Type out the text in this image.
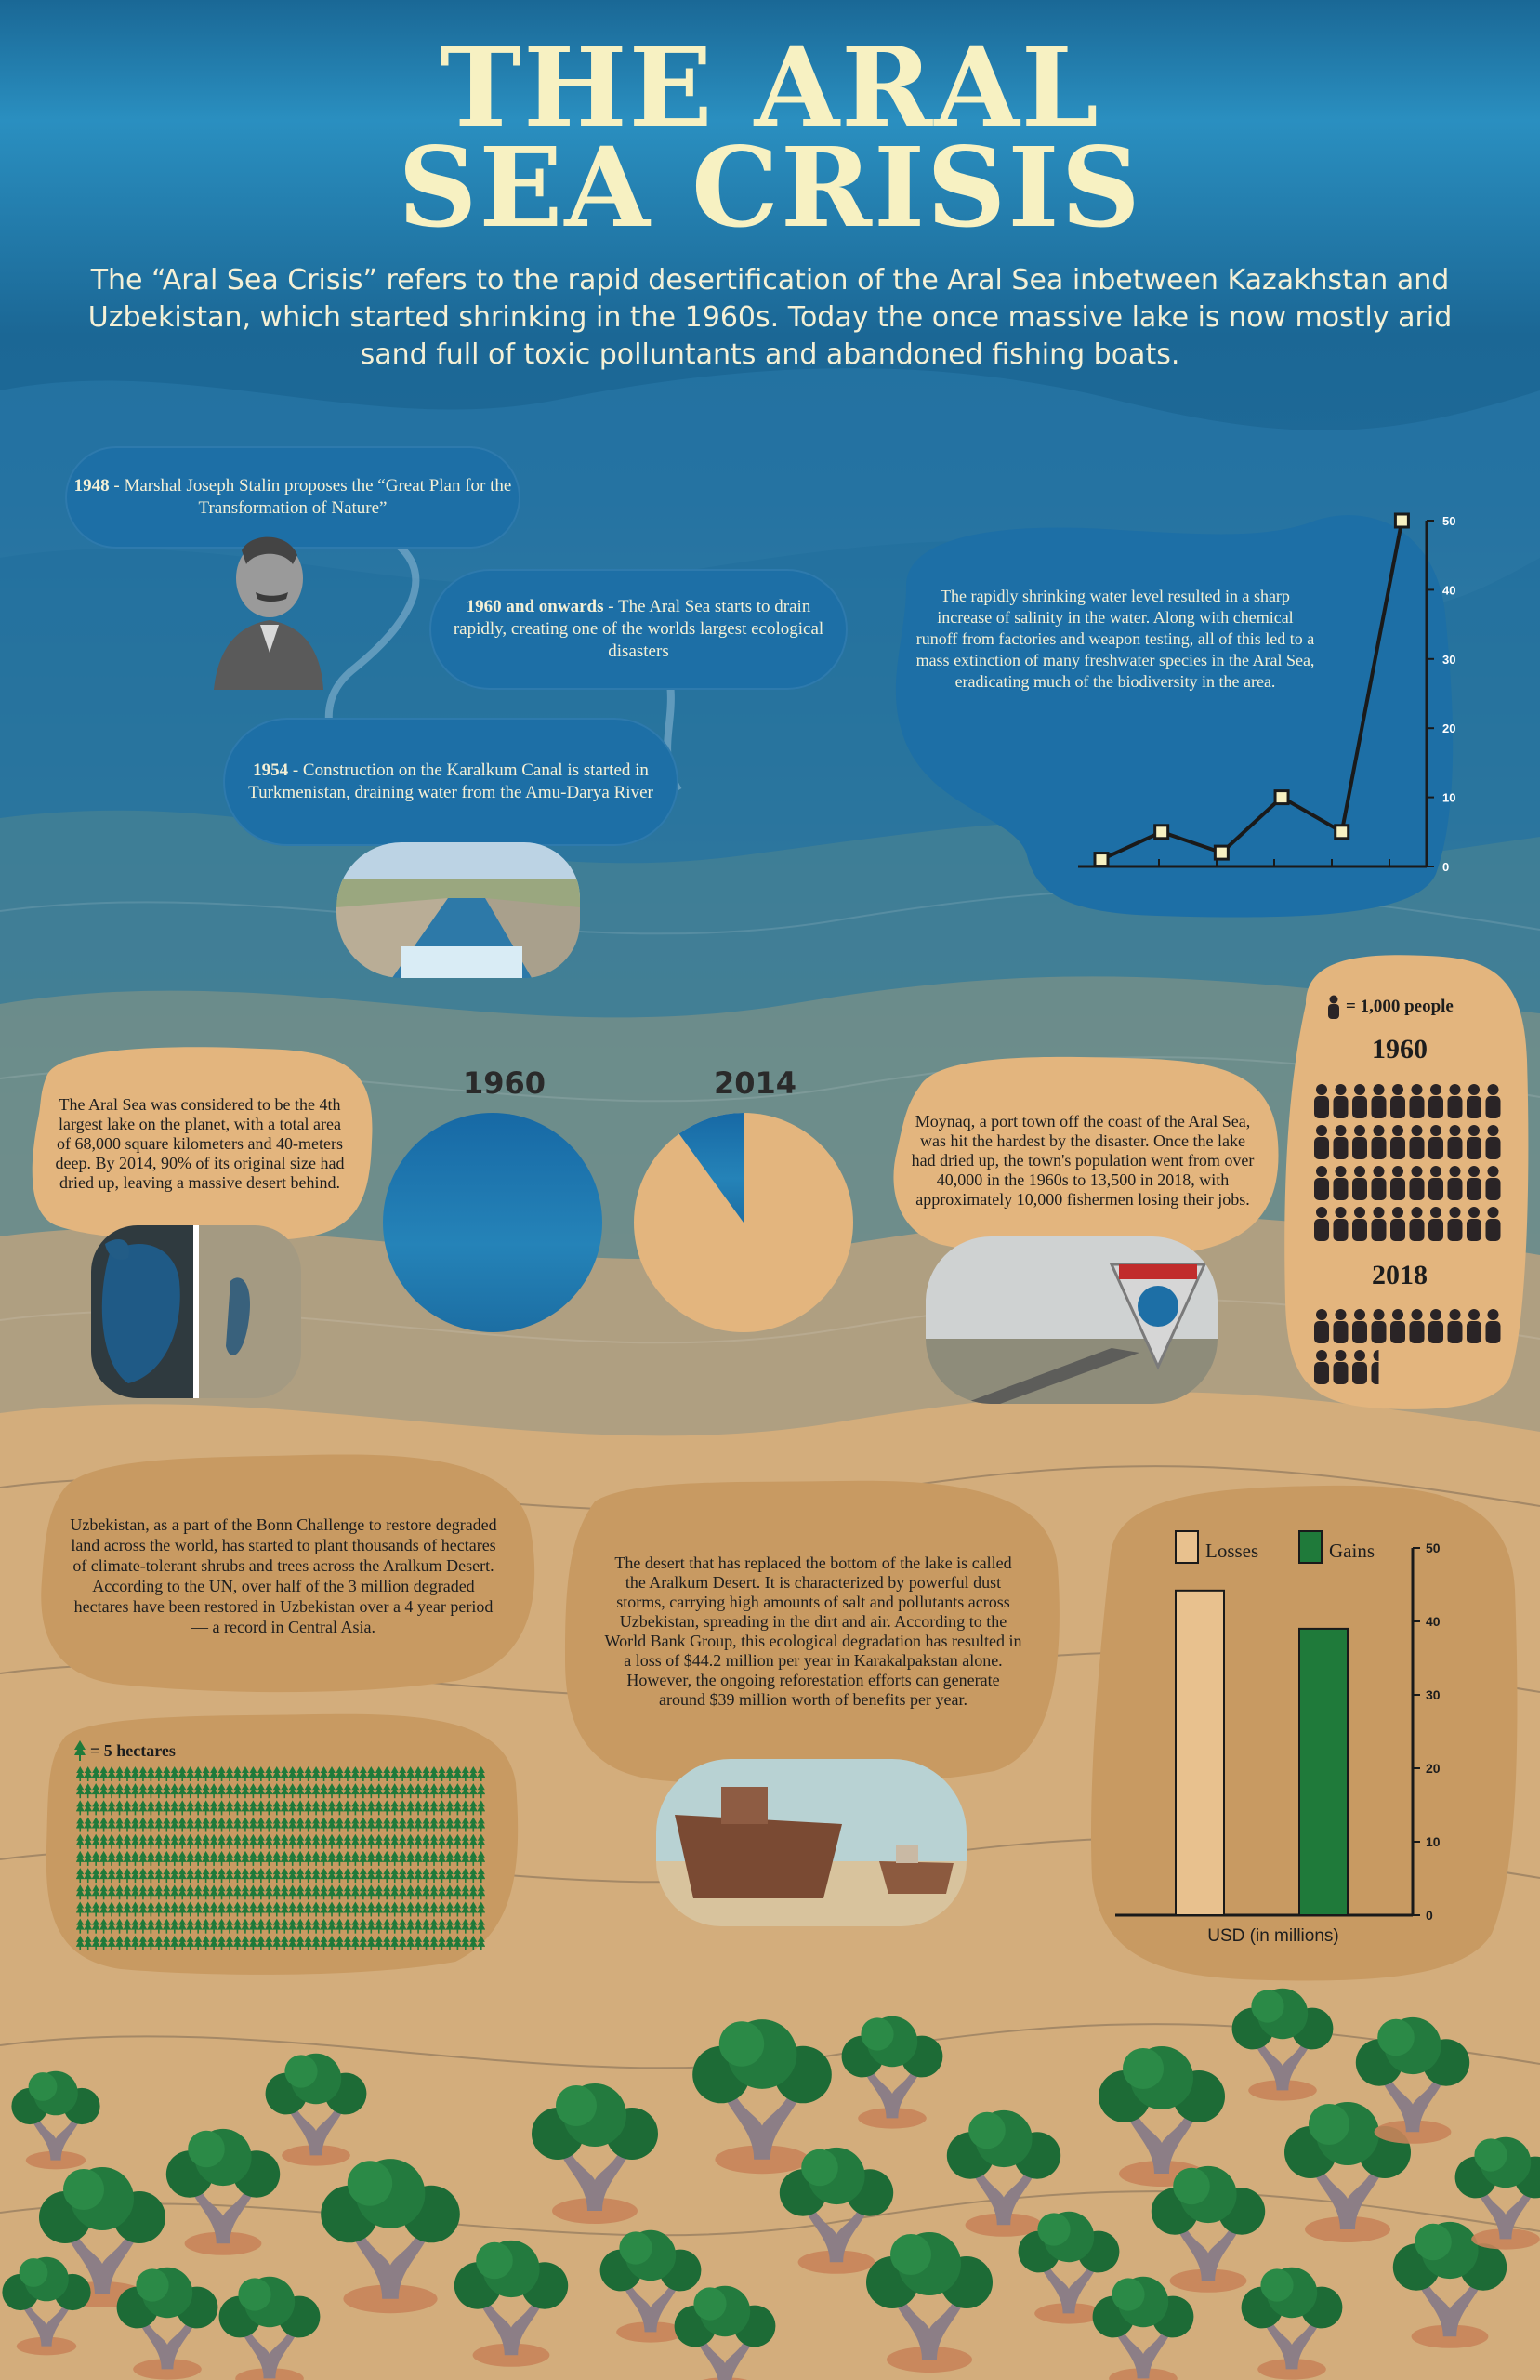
THE ARAL
SEA CRISIS
The “Aral Sea Crisis” refers to the rapid desertification of the Aral Sea inbetween Kazakhstan and Uzbekistan, which started shrinking in the 1960s. Today the once massive lake is now mostly arid sand full of toxic polluntants and abandoned fishing boats.

1948 - Marshal Joseph Stalin proposes the “Great Plan for the Transformation of Nature”

1960 and onwards - The Aral Sea starts to drain rapidly, creating one of the worlds largest ecological disasters

1954 - Construction on the Karalkum Canal is started in Turkmenistan, draining water from the Amu-Darya River

The rapidly shrinking water level resulted in a sharp increase of salinity in the water. Along with chemical runoff from factories and weapon testing, all of this led to a mass extinction of many freshwater species in the Aral Sea, eradicating much of the biodiversity in the area.

0
10
20
30
40
50

The Aral Sea was considered to be the 4th largest lake on the planet, with a total area of 68,000 square kilometers and 40-meters deep. By 2014, 90% of its original size had dried up, leaving a massive desert behind.

1960	2014

Moynaq, a port town off the coast of the Aral Sea, was hit the hardest by the disaster. Once the lake had dried up, the town's population went from over 40,000 in the 1960s to 13,500 in 2018, with approximately 10,000 fishermen losing their jobs.

= 1,000 people
1960
2018

Uzbekistan, as a part of the Bonn Challenge to restore degraded land across the world, has started to plant thousands of hectares of climate-tolerant shrubs and trees across the Aralkum Desert. According to the UN, over half of the 3 million degraded hectares have been restored in Uzbekistan over a 4 year period — a record in Central Asia.

= 5 hectares

The desert that has replaced the bottom of the lake is called the Aralkum Desert. It is characterized by powerful dust storms, carrying high amounts of salt and pollutants across Uzbekistan, spreading in the dirt and air. According to the World Bank Group, this ecological degradation has resulted in a loss of $44.2 million per year in Karakalpakstan alone. However, the ongoing reforestation efforts can generate around $39 million worth of benefits per year.

0
10
20
30
40
50
Losses	Gains
USD (in millions)
